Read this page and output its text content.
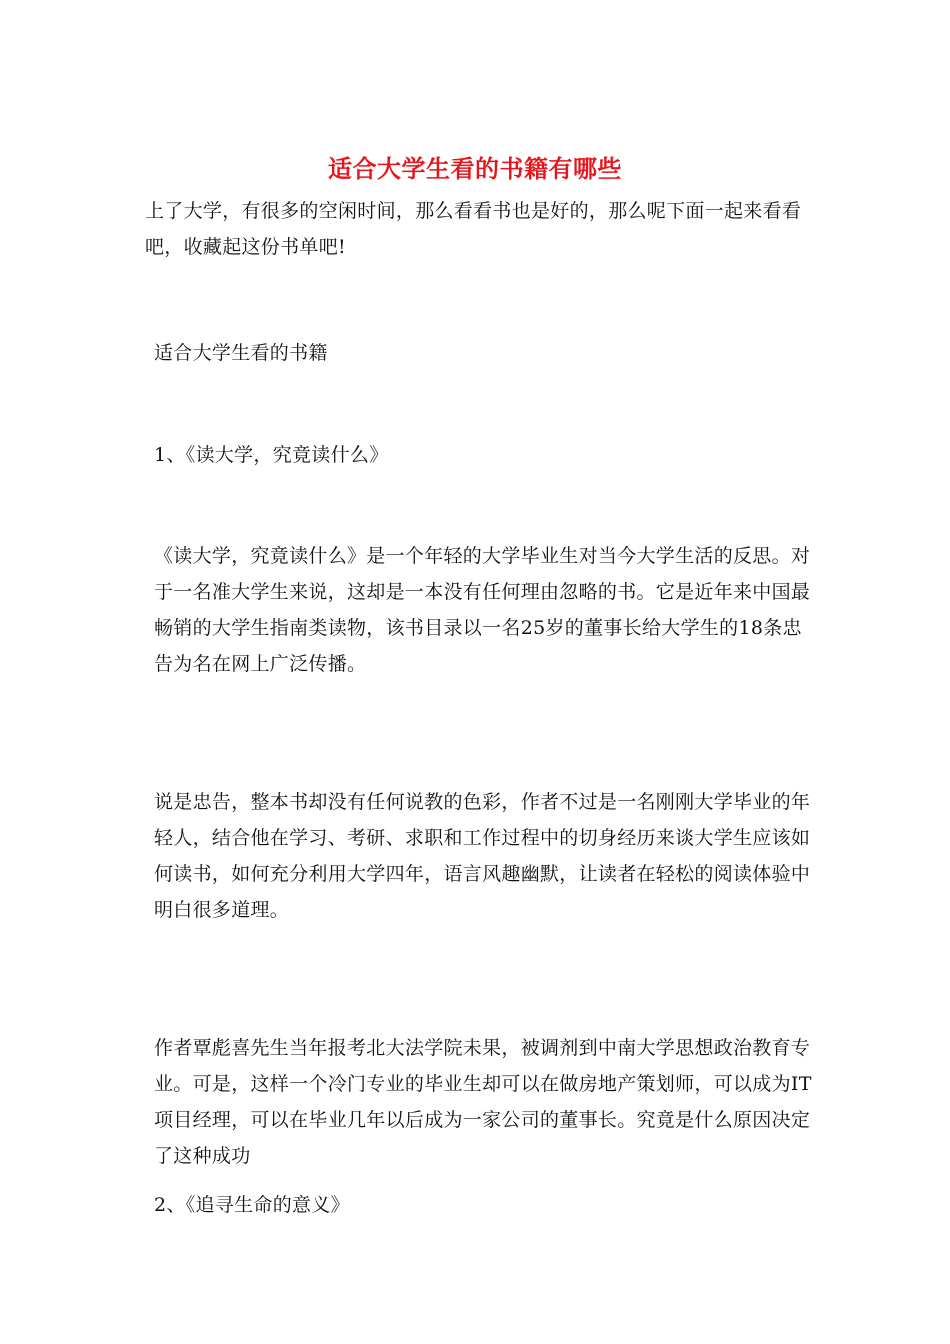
适合大学生看的书籍有哪些

上了大学，有很多的空闲时间，那么看看书也是好的，那么呢下面一起来看看吧，收藏起这份书单吧!

适合大学生看的书籍

1、《读大学，究竟读什么》

《读大学，究竟读什么》是一个年轻的大学毕业生对当今大学生活的反思。对于一名准大学生来说，这却是一本没有任何理由忽略的书。它是近年来中国最畅销的大学生指南类读物，该书目录以一名25岁的董事长给大学生的18条忠告为名在网上广泛传播。

说是忠告，整本书却没有任何说教的色彩，作者不过是一名刚刚大学毕业的年轻人，结合他在学习、考研、求职和工作过程中的切身经历来谈大学生应该如何读书，如何充分利用大学四年，语言风趣幽默，让读者在轻松的阅读体验中明白很多道理。

作者覃彪喜先生当年报考北大法学院未果，被调剂到中南大学思想政治教育专业。可是，这样一个冷门专业的毕业生却可以在做房地产策划师，可以成为IT项目经理，可以在毕业几年以后成为一家公司的董事长。究竟是什么原因决定了这种成功

2、《追寻生命的意义》
